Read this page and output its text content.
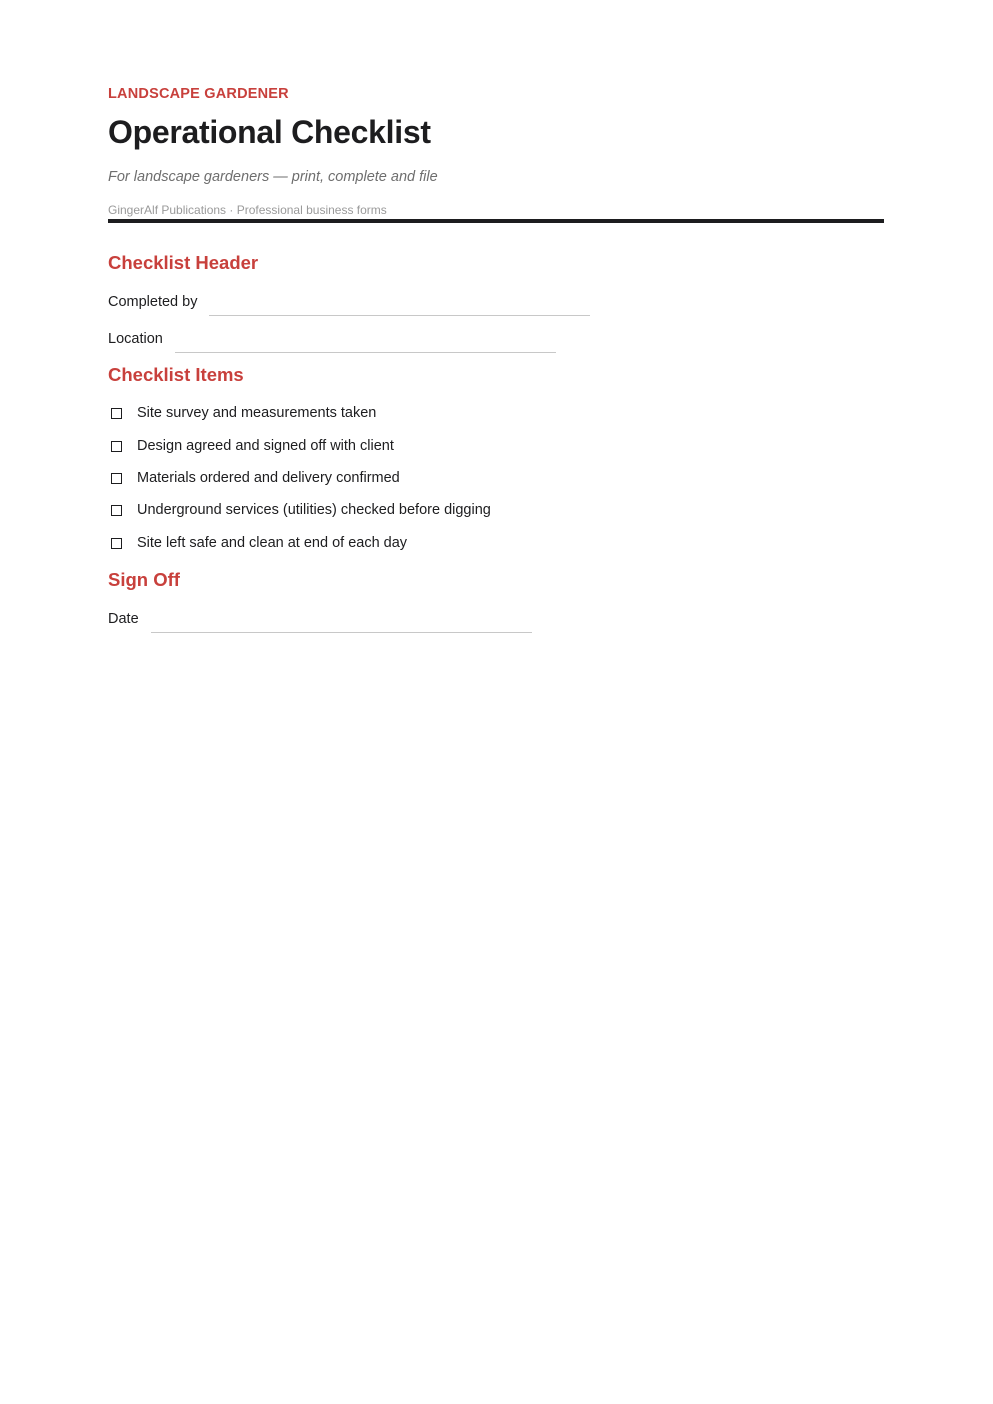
LANDSCAPE GARDENER
Operational Checklist
For landscape gardeners — print, complete and file
GingerAlf Publications · Professional business forms
Checklist Header
Completed by
Location
Checklist Items
Site survey and measurements taken
Design agreed and signed off with client
Materials ordered and delivery confirmed
Underground services (utilities) checked before digging
Site left safe and clean at end of each day
Sign Off
Date
